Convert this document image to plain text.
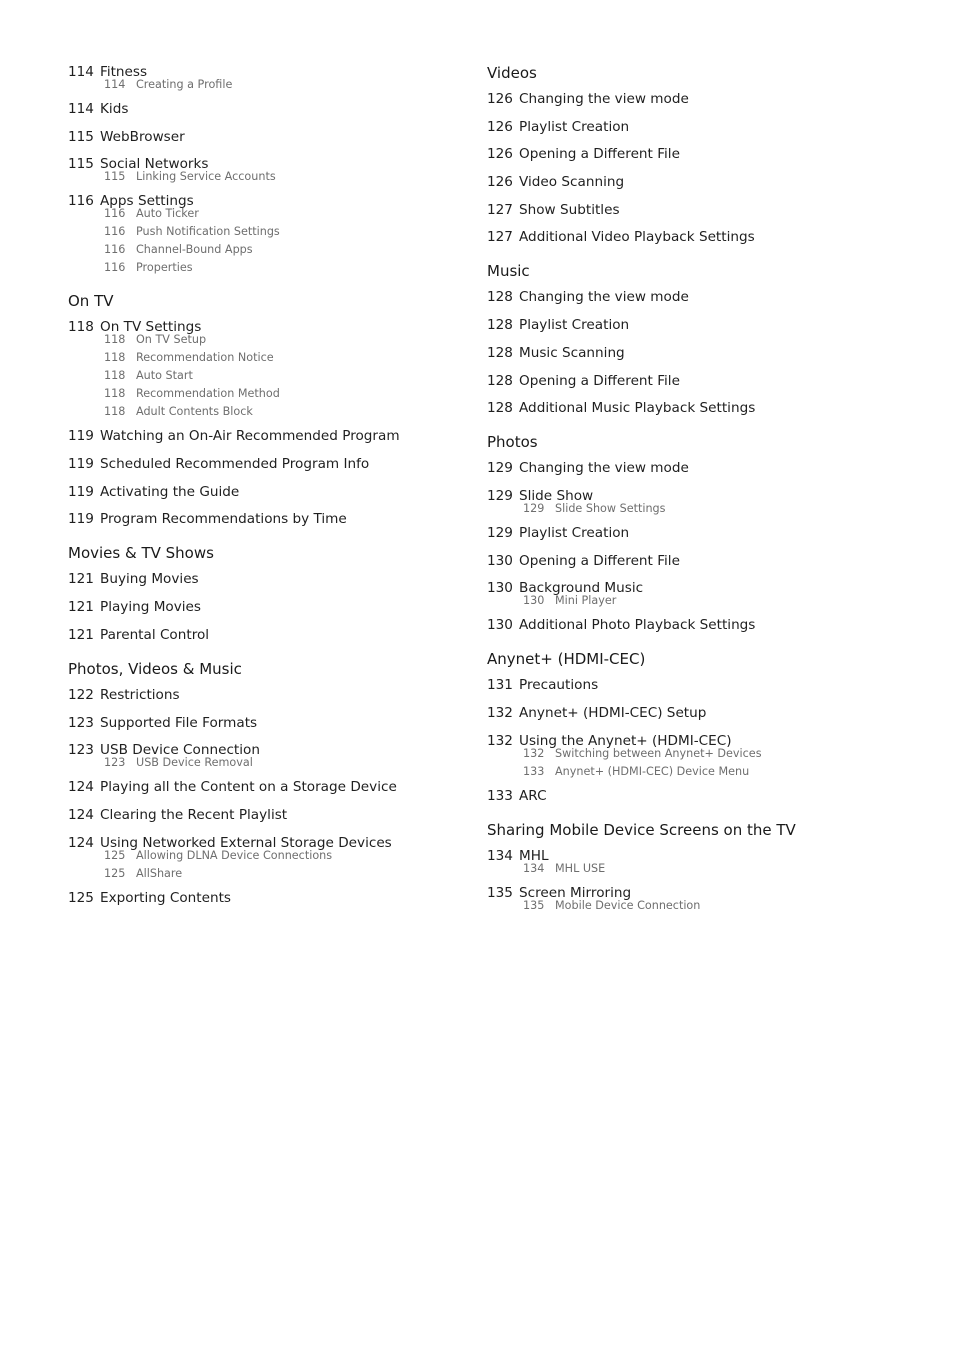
114 Fitness
114 Creating a Profile
114 Kids
115 WebBrowser
115 Social Networks
115 Linking Service Accounts
116 Apps Settings
116 Auto Ticker
116 Push Notification Settings
116 Channel-Bound Apps
116 Properties
On TV
118 On TV Settings
118 On TV Setup
118 Recommendation Notice
118 Auto Start
118 Recommendation Method
118 Adult Contents Block
119 Watching an On-Air Recommended Program
119 Scheduled Recommended Program Info
119 Activating the Guide
119 Program Recommendations by Time
Movies & TV Shows
121 Buying Movies
121 Playing Movies
121 Parental Control
Photos, Videos & Music
122 Restrictions
123 Supported File Formats
123 USB Device Connection
123 USB Device Removal
124 Playing all the Content on a Storage Device
124 Clearing the Recent Playlist
124 Using Networked External Storage Devices
125 Allowing DLNA Device Connections
125 AllShare
125 Exporting Contents
Videos
126 Changing the view mode
126 Playlist Creation
126 Opening a Different File
126 Video Scanning
127 Show Subtitles
127 Additional Video Playback Settings
Music
128 Changing the view mode
128 Playlist Creation
128 Music Scanning
128 Opening a Different File
128 Additional Music Playback Settings
Photos
129 Changing the view mode
129 Slide Show
129 Slide Show Settings
129 Playlist Creation
130 Opening a Different File
130 Background Music
130 Mini Player
130 Additional Photo Playback Settings
Anynet+ (HDMI-CEC)
131 Precautions
132 Anynet+ (HDMI-CEC) Setup
132 Using the Anynet+ (HDMI-CEC)
132 Switching between Anynet+ Devices
133 Anynet+ (HDMI-CEC) Device Menu
133 ARC
Sharing Mobile Device Screens on the TV
134 MHL
134 MHL USE
135 Screen Mirroring
135 Mobile Device Connection
